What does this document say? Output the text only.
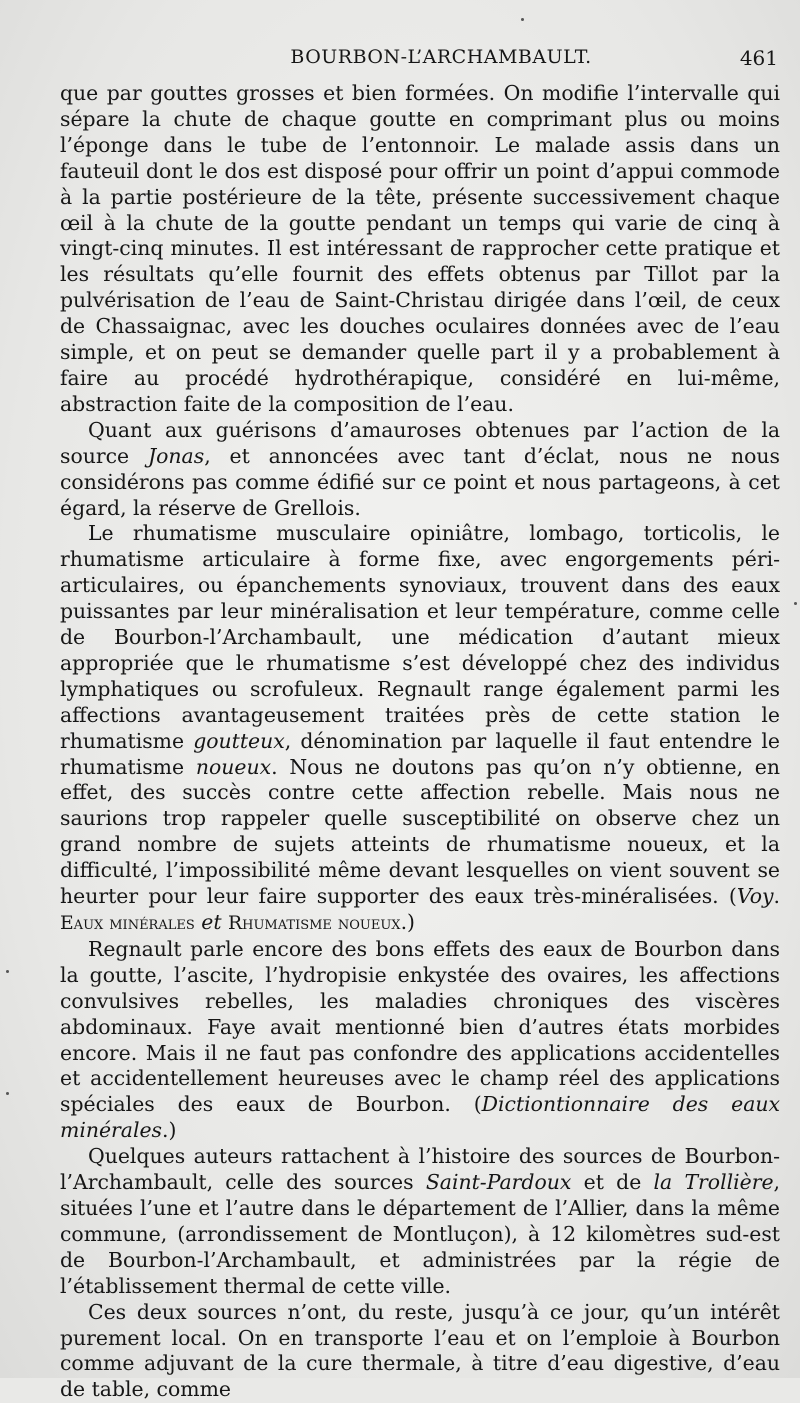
BOURBON-L’ARCHAMBAULT.	461

que par gouttes grosses et bien formées. On modifie l’intervalle qui sépare la chute de chaque goutte en comprimant plus ou moins l’éponge dans le tube de l’entonnoir. Le malade assis dans un fauteuil dont le dos est disposé pour offrir un point d’appui commode à la partie postérieure de la tête, présente successivement chaque œil à la chute de la goutte pendant un temps qui varie de cinq à vingt-cinq minutes. Il est intéressant de rapprocher cette pratique et les résultats qu’elle fournit des effets obtenus par Tillot par la pulvérisation de l’eau de Saint-Christau dirigée dans l’œil, de ceux de Chassaignac, avec les douches oculaires données avec de l’eau simple, et on peut se demander quelle part il y a probablement à faire au procédé hydrothérapique, considéré en lui-même, abstraction faite de la composition de l’eau.

Quant aux guérisons d’amauroses obtenues par l’action de la source Jonas, et annoncées avec tant d’éclat, nous ne nous considérons pas comme édifié sur ce point et nous partageons, à cet égard, la réserve de Grellois.

Le rhumatisme musculaire opiniâtre, lombago, torticolis, le rhumatisme articulaire à forme fixe, avec engorgements péri-articulaires, ou épanchements synoviaux, trouvent dans des eaux puissantes par leur minéralisation et leur température, comme celle de Bourbon-l’Archambault, une médication d’autant mieux appropriée que le rhumatisme s’est développé chez des individus lymphatiques ou scrofuleux. Regnault range également parmi les affections avantageusement traitées près de cette station le rhumatisme goutteux, dénomination par laquelle il faut entendre le rhumatisme noueux. Nous ne doutons pas qu’on n’y obtienne, en effet, des succès contre cette affection rebelle. Mais nous ne saurions trop rappeler quelle susceptibilité on observe chez un grand nombre de sujets atteints de rhumatisme noueux, et la difficulté, l’impossibilité même devant lesquelles on vient souvent se heurter pour leur faire supporter des eaux très-minéralisées. (Voy. Eaux minérales et Rhumatisme noueux.)

Regnault parle encore des bons effets des eaux de Bourbon dans la goutte, l’ascite, l’hydropisie enkystée des ovaires, les affections convulsives rebelles, les maladies chroniques des viscères abdominaux. Faye avait mentionné bien d’autres états morbides encore. Mais il ne faut pas confondre des applications accidentelles et accidentellement heureuses avec le champ réel des applications spéciales des eaux de Bourbon. (Dictiontionnaire des eaux minérales.)

Quelques auteurs rattachent à l’histoire des sources de Bourbon-l’Archambault, celle des sources Saint-Pardoux et de la Trollière, situées l’une et l’autre dans le département de l’Allier, dans la même commune, (arrondissement de Montluçon), à 12 kilomètres sud-est de Bourbon-l’Archambault, et administrées par la régie de l’établissement thermal de cette ville.

Ces deux sources n’ont, du reste, jusqu’à ce jour, qu’un intérêt purement local. On en transporte l’eau et on l’emploie à Bourbon comme adjuvant de la cure thermale, à titre d’eau digestive, d’eau de table, comme
